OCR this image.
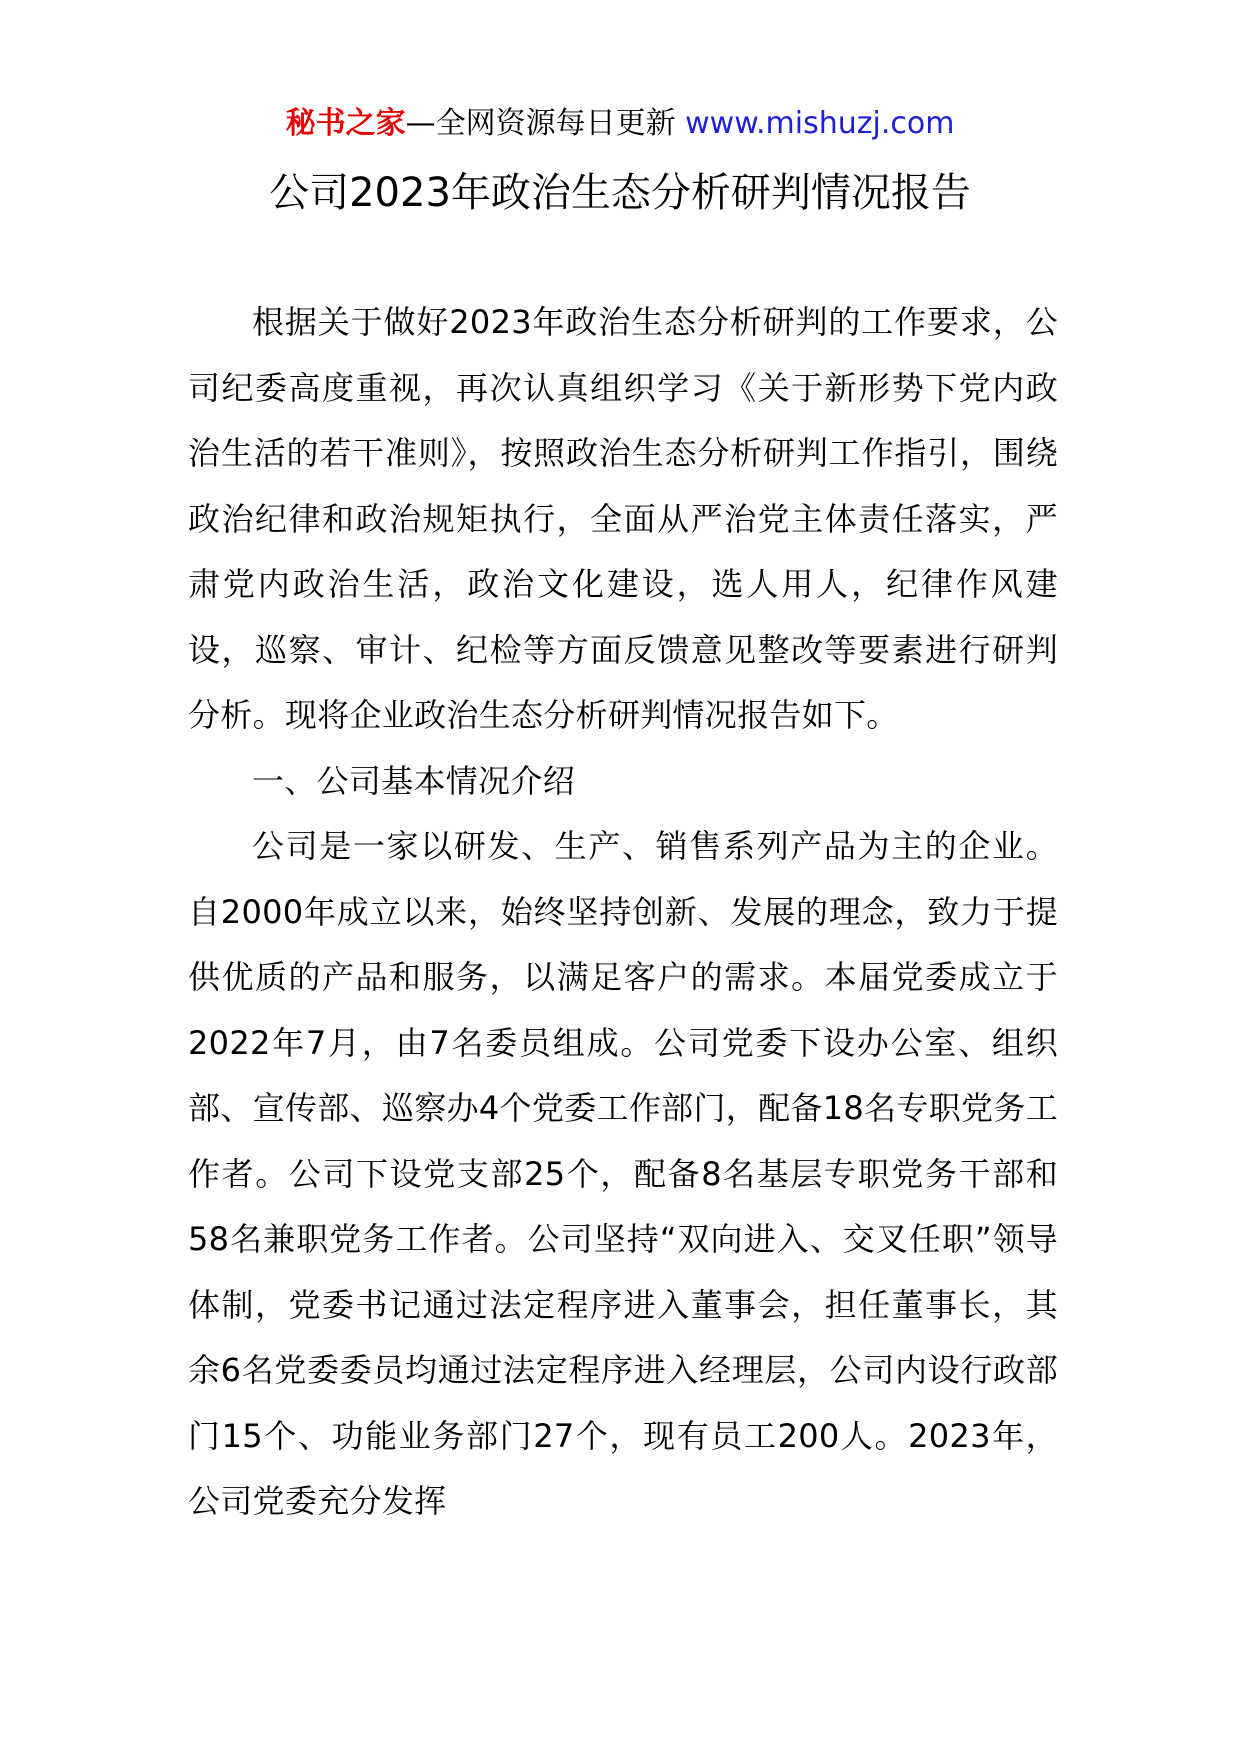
秘书之家—全网资源每日更新 www.mishuzj.com
公司2023年政治生态分析研判情况报告

根据关于做好2023年政治生态分析研判的工作要求，公司纪委高度重视，再次认真组织学习《关于新形势下党内政治生活的若干准则》，按照政治生态分析研判工作指引，围绕政治纪律和政治规矩执行，全面从严治党主体责任落实，严肃党内政治生活，政治文化建设，选人用人，纪律作风建设，巡察、审计、纪检等方面反馈意见整改等要素进行研判分析。现将企业政治生态分析研判情况报告如下。

一、公司基本情况介绍

公司是一家以研发、生产、销售系列产品为主的企业。自2000年成立以来，始终坚持创新、发展的理念，致力于提供优质的产品和服务，以满足客户的需求。本届党委成立于2022年7月，由7名委员组成。公司党委下设办公室、组织部、宣传部、巡察办4个党委工作部门，配备18名专职党务工作者。公司下设党支部25个，配备8名基层专职党务干部和58名兼职党务工作者。公司坚持“双向进入、交叉任职”领导体制，党委书记通过法定程序进入董事会，担任董事长，其余6名党委委员均通过法定程序进入经理层，公司内设行政部门15个、功能业务部门27个，现有员工200人。2023年，公司党委充分发挥
